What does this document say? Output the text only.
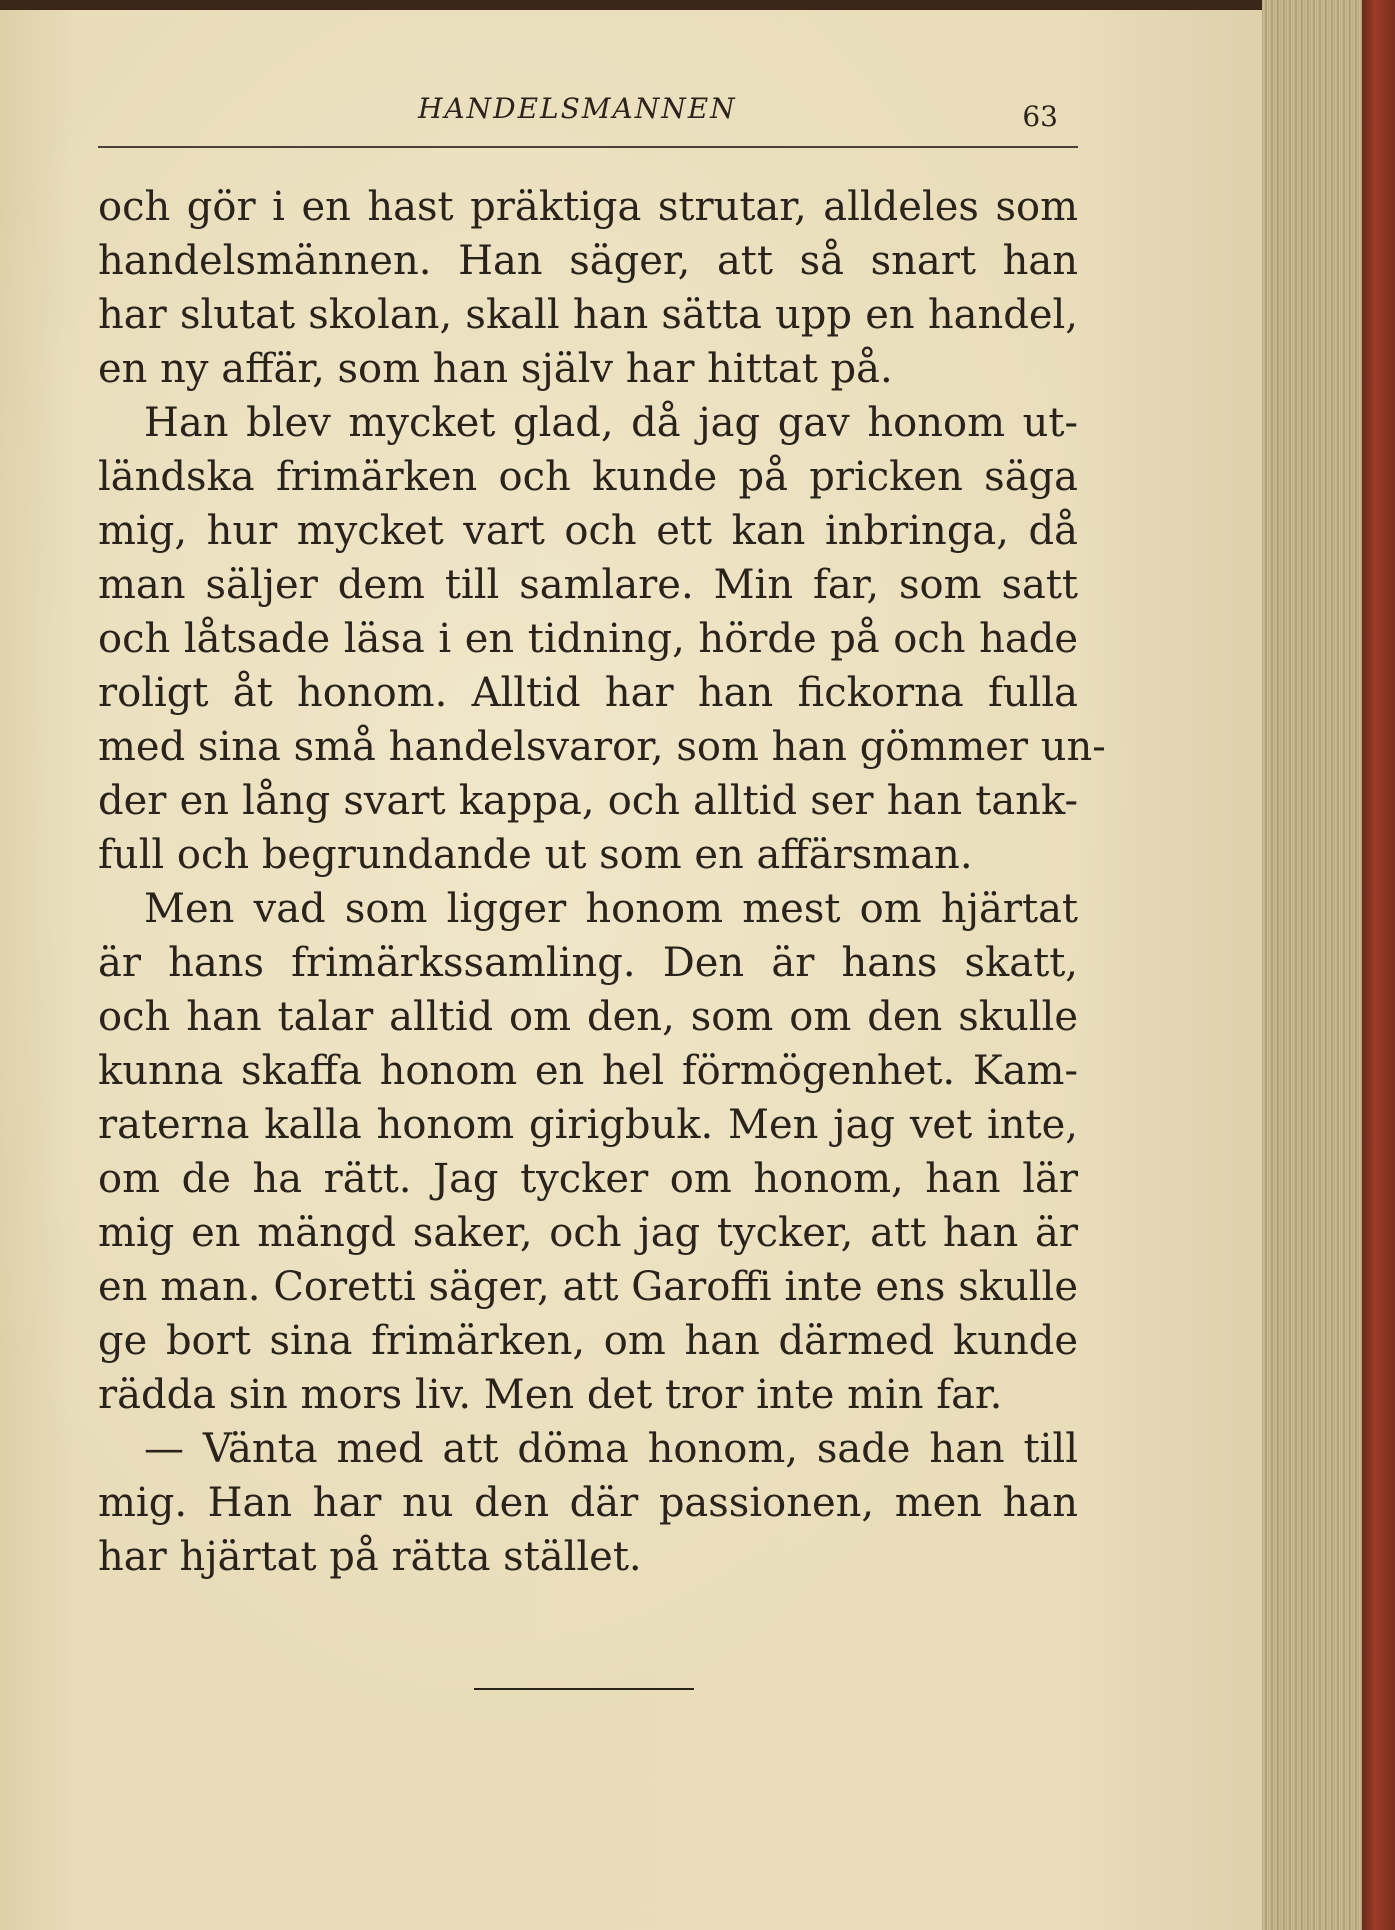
HANDELSMANNEN	63
och gör i en hast präktiga strutar, alldeles som
handelsmännen. Han säger, att så snart han
har slutat skolan, skall han sätta upp en handel,
en ny affär, som han själv har hittat på.
Han blev mycket glad, då jag gav honom ut-
ländska frimärken och kunde på pricken säga
mig, hur mycket vart och ett kan inbringa, då
man säljer dem till samlare. Min far, som satt
och låtsade läsa i en tidning, hörde på och hade
roligt åt honom. Alltid har han fickorna fulla
med sina små handelsvaror, som han gömmer un-
der en lång svart kappa, och alltid ser han tank-
full och begrundande ut som en affärsman.
Men vad som ligger honom mest om hjärtat
är hans frimärkssamling. Den är hans skatt,
och han talar alltid om den, som om den skulle
kunna skaffa honom en hel förmögenhet. Kam-
raterna kalla honom girigbuk. Men jag vet inte,
om de ha rätt. Jag tycker om honom, han lär
mig en mängd saker, och jag tycker, att han är
en man. Coretti säger, att Garoffi inte ens skulle
ge bort sina frimärken, om han därmed kunde
rädda sin mors liv. Men det tror inte min far.
— Vänta med att döma honom, sade han till
mig. Han har nu den där passionen, men han
har hjärtat på rätta stället.
